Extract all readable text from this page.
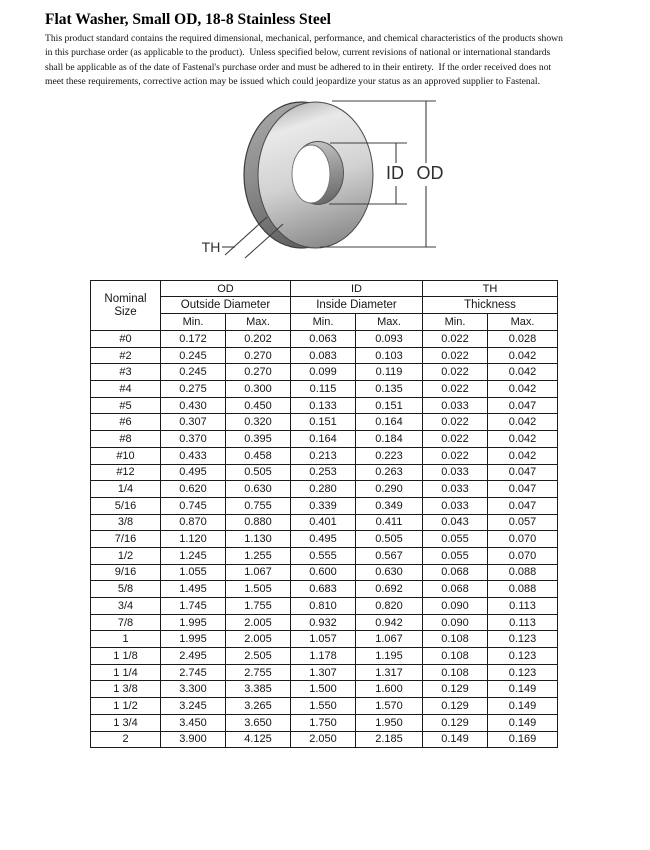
Flat Washer, Small OD, 18-8 Stainless Steel
This product standard contains the required dimensional, mechanical, performance, and chemical characteristics of the products shown
in this purchase order (as applicable to the product).  Unless specified below, current revisions of national or international standards
shall be applicable as of the date of Fastenal's purchase order and must be adhered to in their entirety.  If the order received does not
meet these requirements, corrective action may be issued which could jeopardize your status as an approved supplier to Fastenal.
ID OD
TH
Nominal Size	OD		ID		TH	
	Outside Diameter		Inside Diameter		Thickness	
	Min.	Max.	Min.	Max.	Min.	Max.
#0	0.172	0.202	0.063	0.093	0.022	0.028
#2	0.245	0.270	0.083	0.103	0.022	0.042
#3	0.245	0.270	0.099	0.119	0.022	0.042
#4	0.275	0.300	0.115	0.135	0.022	0.042
#5	0.430	0.450	0.133	0.151	0.033	0.047
#6	0.307	0.320	0.151	0.164	0.022	0.042
#8	0.370	0.395	0.164	0.184	0.022	0.042
#10	0.433	0.458	0.213	0.223	0.022	0.042
#12	0.495	0.505	0.253	0.263	0.033	0.047
1/4	0.620	0.630	0.280	0.290	0.033	0.047
5/16	0.745	0.755	0.339	0.349	0.033	0.047
3/8	0.870	0.880	0.401	0.411	0.043	0.057
7/16	1.120	1.130	0.495	0.505	0.055	0.070
1/2	1.245	1.255	0.555	0.567	0.055	0.070
9/16	1.055	1.067	0.600	0.630	0.068	0.088
5/8	1.495	1.505	0.683	0.692	0.068	0.088
3/4	1.745	1.755	0.810	0.820	0.090	0.113
7/8	1.995	2.005	0.932	0.942	0.090	0.113
1	1.995	2.005	1.057	1.067	0.108	0.123
1 1/8	2.495	2.505	1.178	1.195	0.108	0.123
1 1/4	2.745	2.755	1.307	1.317	0.108	0.123
1 3/8	3.300	3.385	1.500	1.600	0.129	0.149
1 1/2	3.245	3.265	1.550	1.570	0.129	0.149
1 3/4	3.450	3.650	1.750	1.950	0.129	0.149
2	3.900	4.125	2.050	2.185	0.149	0.169
